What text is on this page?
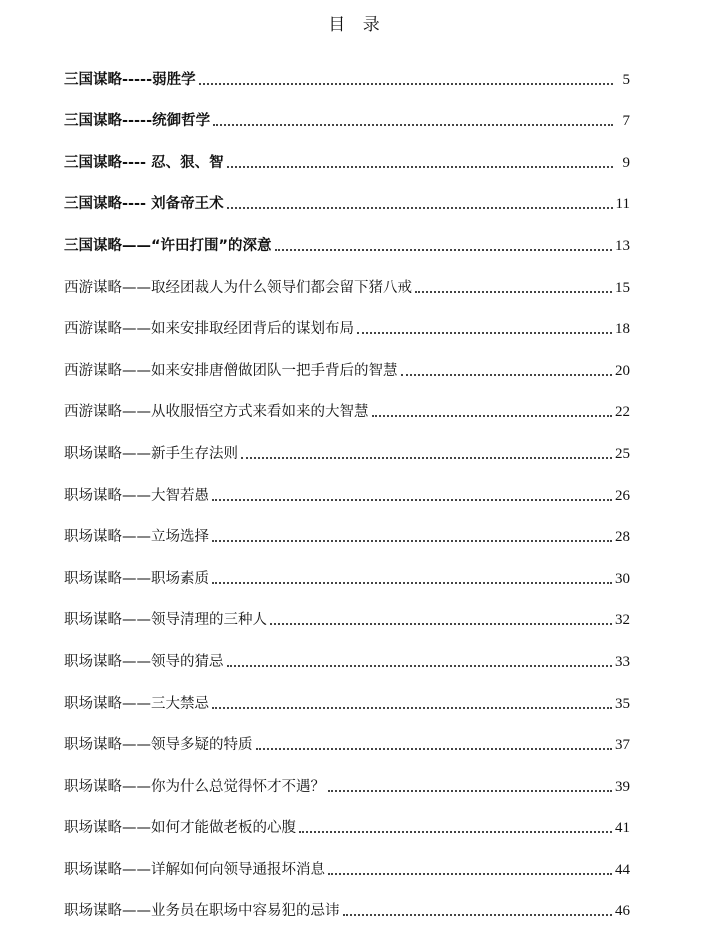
目 录
三国谋略-----弱胜学	5
三国谋略-----统御哲学	7
三国谋略---- 忍、狠、智	9
三国谋略---- 刘备帝王术	11
三国谋略——“许田打围”的深意	13
西游谋略——取经团裁人为什么领导们都会留下猪八戒	15
西游谋略——如来安排取经团背后的谋划布局	18
西游谋略——如来安排唐僧做团队一把手背后的智慧	20
西游谋略——从收服悟空方式来看如来的大智慧	22
职场谋略——新手生存法则	25
职场谋略——大智若愚	26
职场谋略——立场选择	28
职场谋略——职场素质	30
职场谋略——领导清理的三种人	32
职场谋略——领导的猜忌	33
职场谋略——三大禁忌	35
职场谋略——领导多疑的特质	37
职场谋略——你为什么总觉得怀才不遇？	39
职场谋略——如何才能做老板的心腹	41
职场谋略——详解如何向领导通报坏消息	44
职场谋略——业务员在职场中容易犯的忌讳	46
